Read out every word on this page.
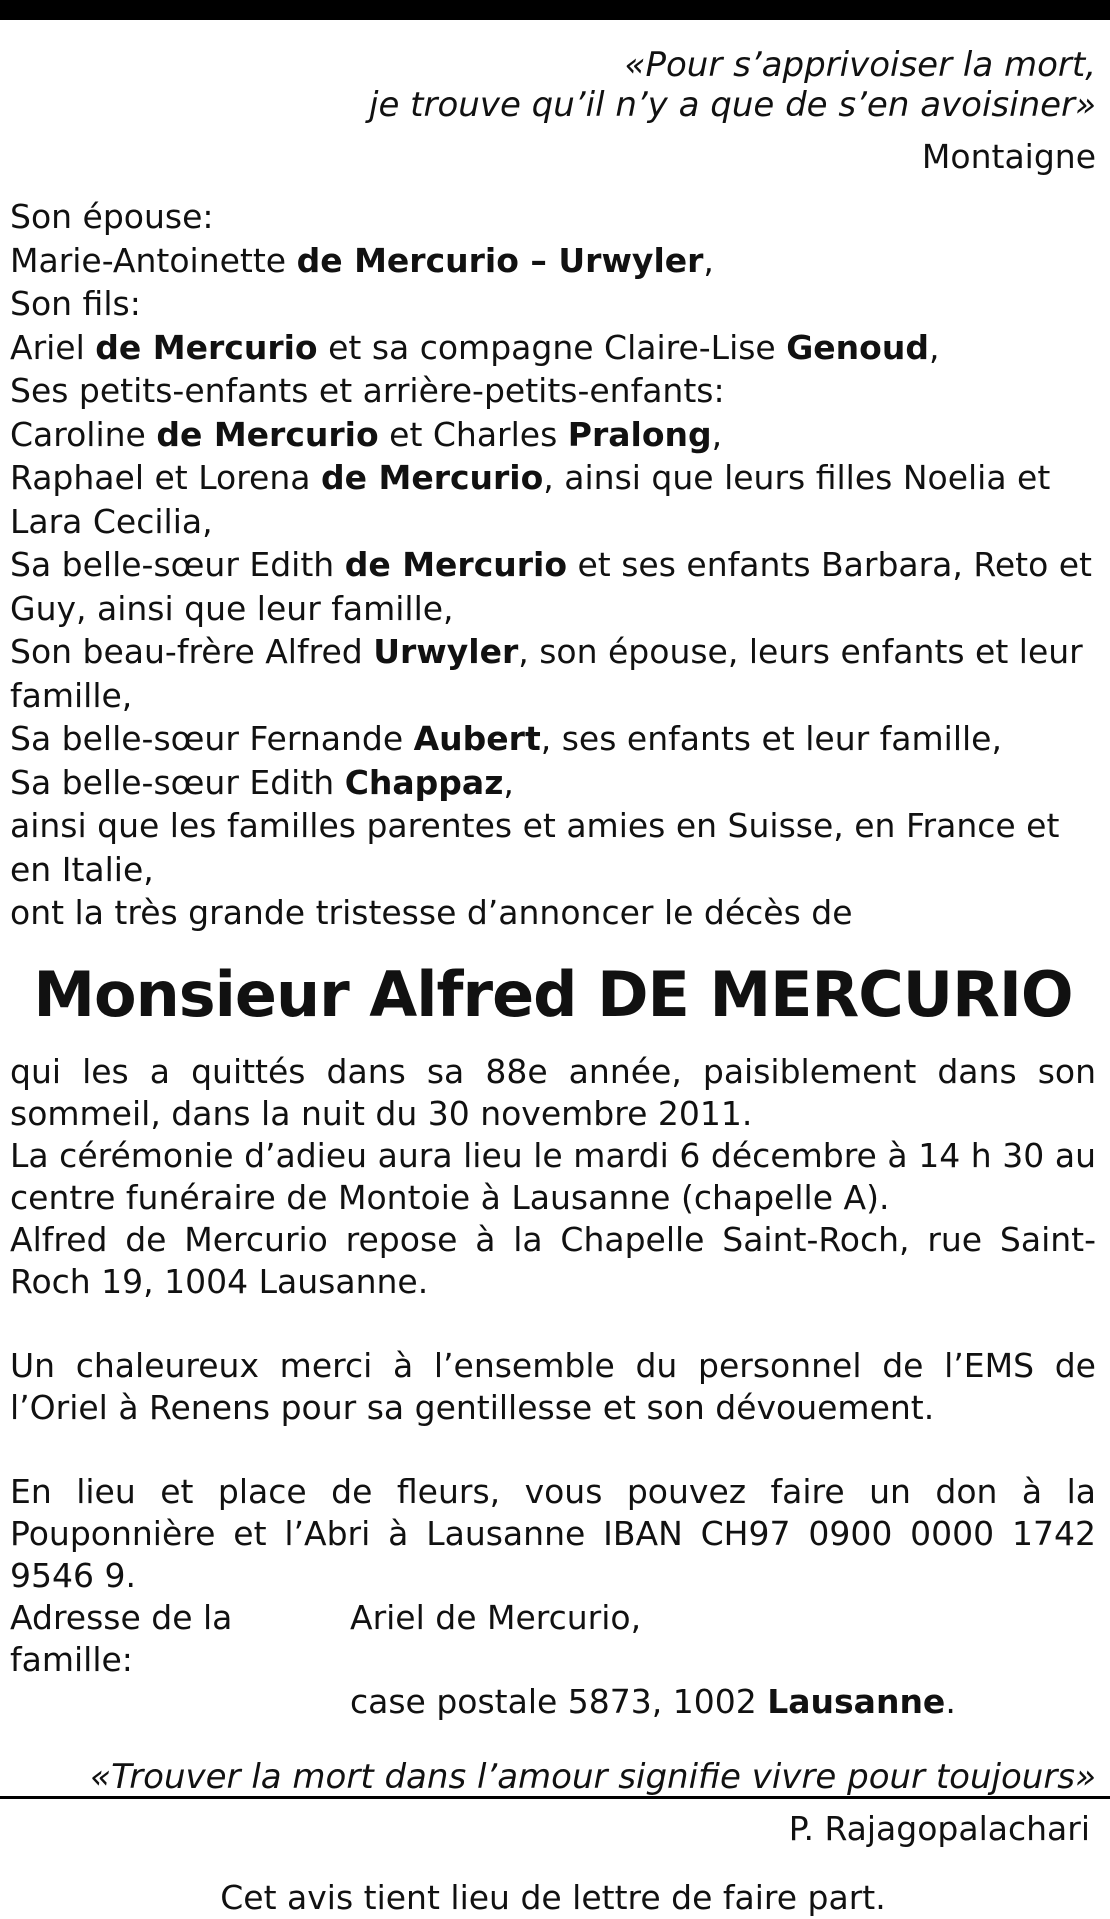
«Pour s’apprivoiser la mort,
je trouve qu’il n’y a que de s’en avoisiner»
Montaigne
Son épouse:
Marie-Antoinette de Mercurio – Urwyler,
Son fils:
Ariel de Mercurio et sa compagne Claire-Lise Genoud,
Ses petits-enfants et arrière-petits-enfants:
Caroline de Mercurio et Charles Pralong,
Raphael et Lorena de Mercurio, ainsi que leurs filles Noelia et Lara Cecilia,
Sa belle-sœur Edith de Mercurio et ses enfants Barbara, Reto et Guy, ainsi que leur famille,
Son beau-frère Alfred Urwyler, son épouse, leurs enfants et leur famille,
Sa belle-sœur Fernande Aubert, ses enfants et leur famille,
Sa belle-sœur Edith Chappaz,
ainsi que les familles parentes et amies en Suisse, en France et en Italie,
ont la très grande tristesse d’annoncer le décès de
Monsieur Alfred DE MERCURIO
qui les a quittés dans sa 88e année, paisiblement dans son sommeil, dans la nuit du 30 novembre 2011.
La cérémonie d’adieu aura lieu le mardi 6 décembre à 14 h 30 au centre funéraire de Montoie à Lausanne (chapelle A).
Alfred de Mercurio repose à la Chapelle Saint-Roch, rue Saint-Roch 19, 1004 Lausanne.
Un chaleureux merci à l’ensemble du personnel de l’EMS de l’Oriel à Renens pour sa gentillesse et son dévouement.
En lieu et place de fleurs, vous pouvez faire un don à la Pouponnière et l’Abri à Lausanne IBAN CH97 0900 0000 1742 9546 9.
Adresse de la famille:
Ariel de Mercurio,
case postale 5873, 1002 Lausanne.
«Trouver la mort dans l’amour signifie vivre pour toujours»
P. Rajagopalachari
Cet avis tient lieu de lettre de faire part.
